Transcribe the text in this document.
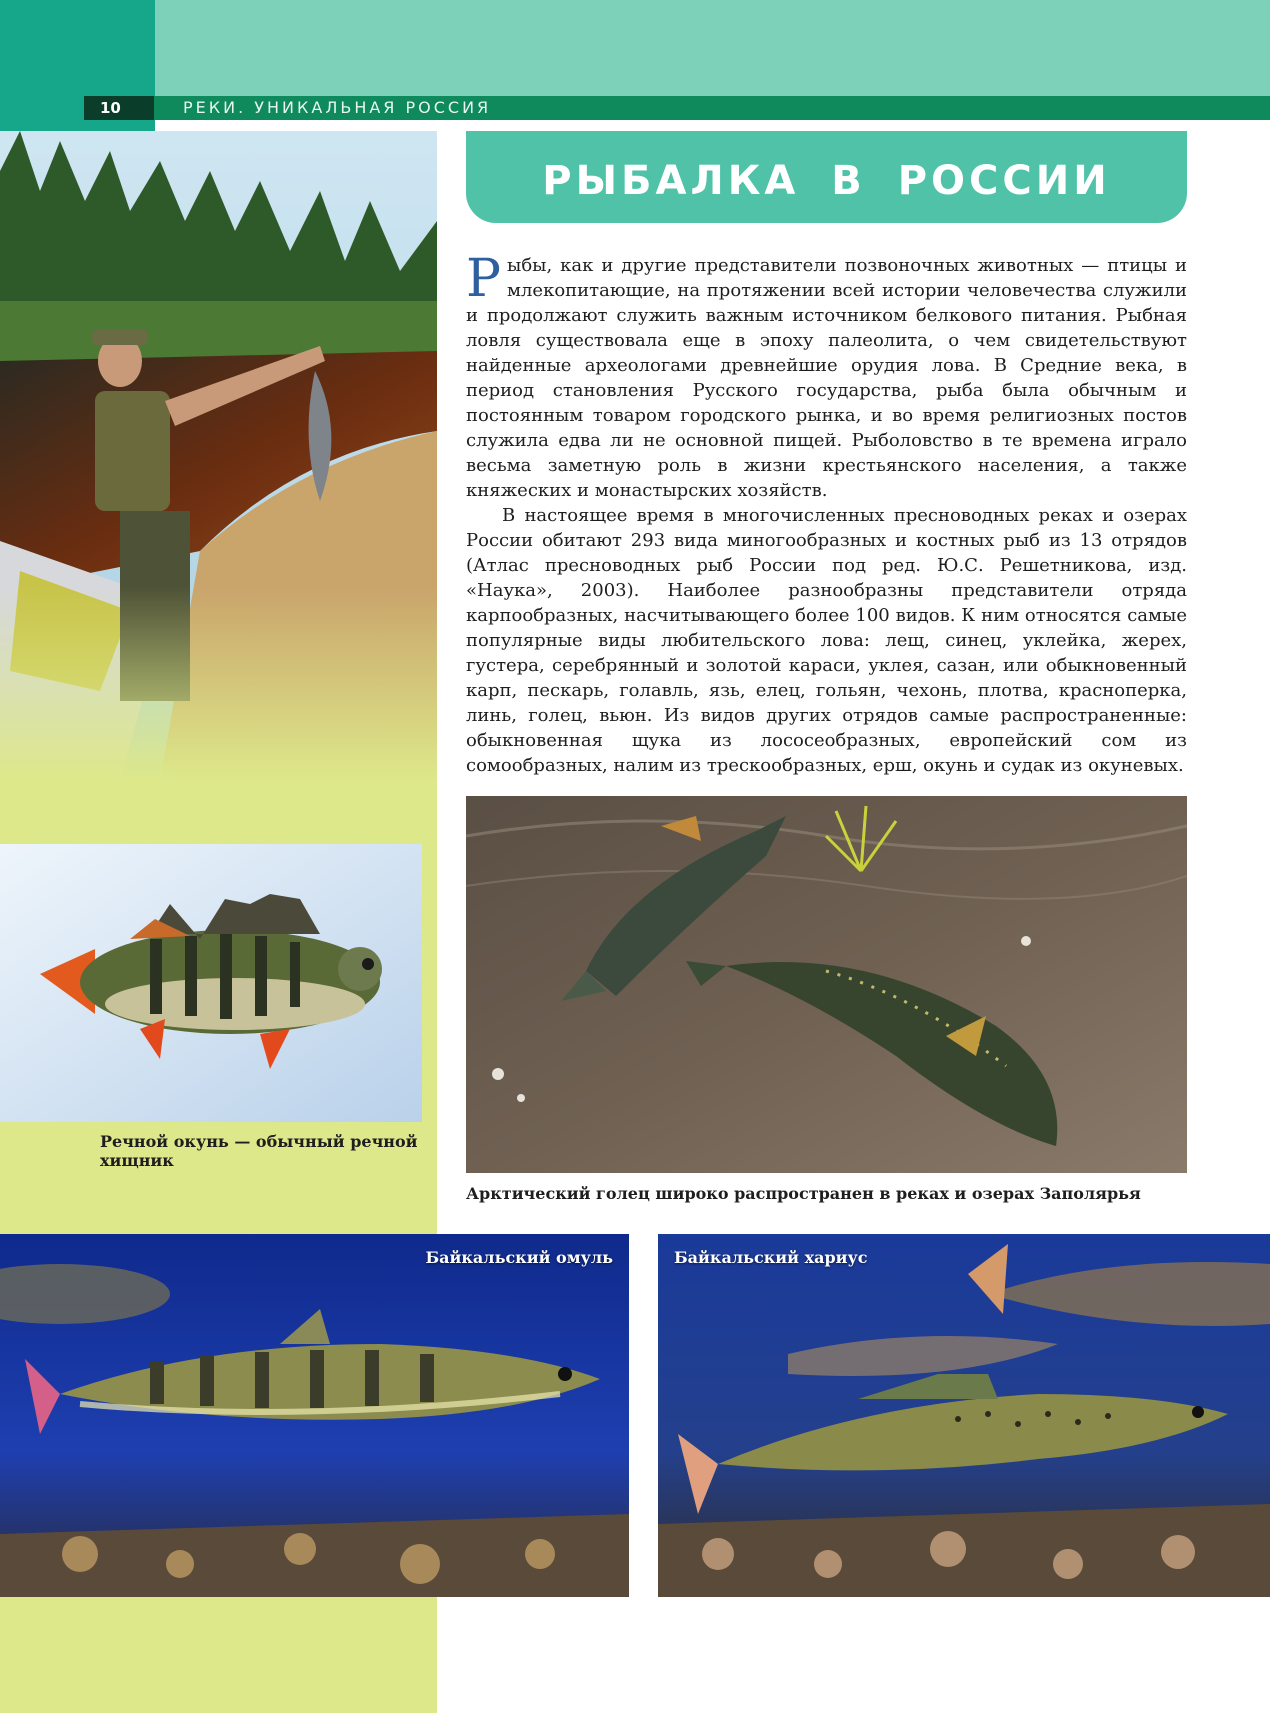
10	РЕКИ. УНИКАЛЬНАЯ РОССИЯ
Речной окунь — обычный речной хищник
РЫБАЛКА В РОССИИ

Рыбы, как и другие представители позвоночных животных — птицы и млекопитающие, на протяжении всей истории человечества служили и продолжают служить важным источником белкового питания. Рыбная ловля существовала еще в эпоху палеолита, о чем свидетельствуют найденные археологами древнейшие орудия лова. В Средние века, в период становления Русского государства, рыба была обычным и постоянным товаром городского рынка, и во время религиозных постов служила едва ли не основной пищей. Рыболовство в те времена играло весьма заметную роль в жизни крестьянского населения, а также княжеских и монастырских хозяйств.

В настоящее время в многочисленных пресноводных реках и озерах России обитают 293 вида миногообразных и костных рыб из 13 отрядов (Атлас пресноводных рыб России под ред. Ю.С. Решетникова, изд. «Наука», 2003). Наиболее разнообразны представители отряда карпообразных, насчитывающего более 100 видов. К ним относятся самые популярные виды любительского лова: лещ, синец, уклейка, жерех, густера, серебрянный и золотой караси, уклея, сазан, или обыкновенный карп, пескарь, голавль, язь, елец, гольян, чехонь, плотва, красноперка, линь, голец, вьюн. Из видов других отрядов самые распространенные: обыкновенная щука из лососеобразных, европейский сом из сомообразных, налим из трескообразных, ерш, окунь и судак из окуневых.

Арктический голец широко распространен в реках и озерах Заполярья
Байкальский омуль	Байкальский хариус
